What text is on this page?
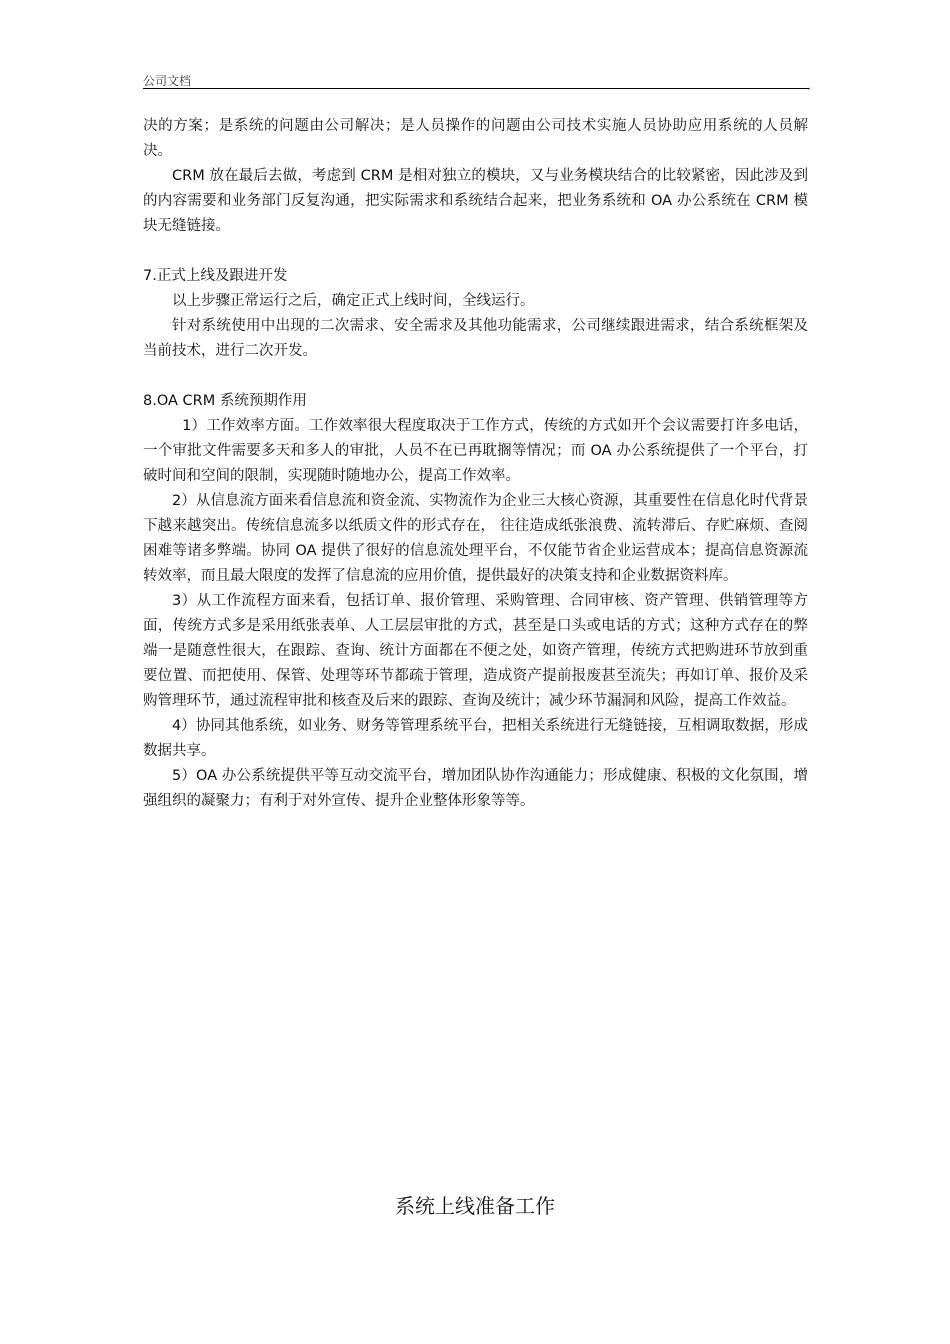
公司文档	,

决的方案；是系统的问题由公司解决；是人员操作的问题由公司技术实施人员协助应用系统的人员解决。

CRM 放在最后去做，考虑到 CRM 是相对独立的模块，又与业务模块结合的比较紧密，因此涉及到的内容需要和业务部门反复沟通，把实际需求和系统结合起来，把业务系统和 OA 办公系统在 CRM 模块无缝链接。

7.正式上线及跟进开发

以上步骤正常运行之后，确定正式上线时间，全线运行。

针对系统使用中出现的二次需求、安全需求及其他功能需求，公司继续跟进需求，结合系统框架及当前技术，进行二次开发。

8.OA CRM 系统预期作用

1）工作效率方面。工作效率很大程度取决于工作方式，传统的方式如开个会议需要打许多电话，一个审批文件需要多天和多人的审批，人员不在已再耽搁等情况；而 OA 办公系统提供了一个平台，打破时间和空间的限制，实现随时随地办公，提高工作效率。

2）从信息流方面来看信息流和资金流、实物流作为企业三大核心资源，其重要性在信息化时代背景下越来越突出。传统信息流多以纸质文件的形式存在， 往往造成纸张浪费、流转滞后、存贮麻烦、查阅困难等诸多弊端。协同 OA 提供了很好的信息流处理平台，不仅能节省企业运营成本；提高信息资源流转效率，而且最大限度的发挥了信息流的应用价值，提供最好的决策支持和企业数据资料库。

3）从工作流程方面来看，包括订单、报价管理、采购管理、合同审核、资产管理、供销管理等方面，传统方式多是采用纸张表单、人工层层审批的方式，甚至是口头或电话的方式；这种方式存在的弊端一是随意性很大，在跟踪、查询、统计方面都在不便之处，如资产管理，传统方式把购进环节放到重要位置、而把使用、保管、处理等环节都疏于管理，造成资产提前报废甚至流失；再如订单、报价及采购管理环节，通过流程审批和核查及后来的跟踪、查询及统计；减少环节漏洞和风险，提高工作效益。

4）协同其他系统，如业务、财务等管理系统平台，把相关系统进行无缝链接，互相调取数据，形成数据共享。

5）OA 办公系统提供平等互动交流平台，增加团队协作沟通能力；形成健康、积极的文化氛围，增强组织的凝聚力；有利于对外宣传、提升企业整体形象等等。

系统上线准备工作
